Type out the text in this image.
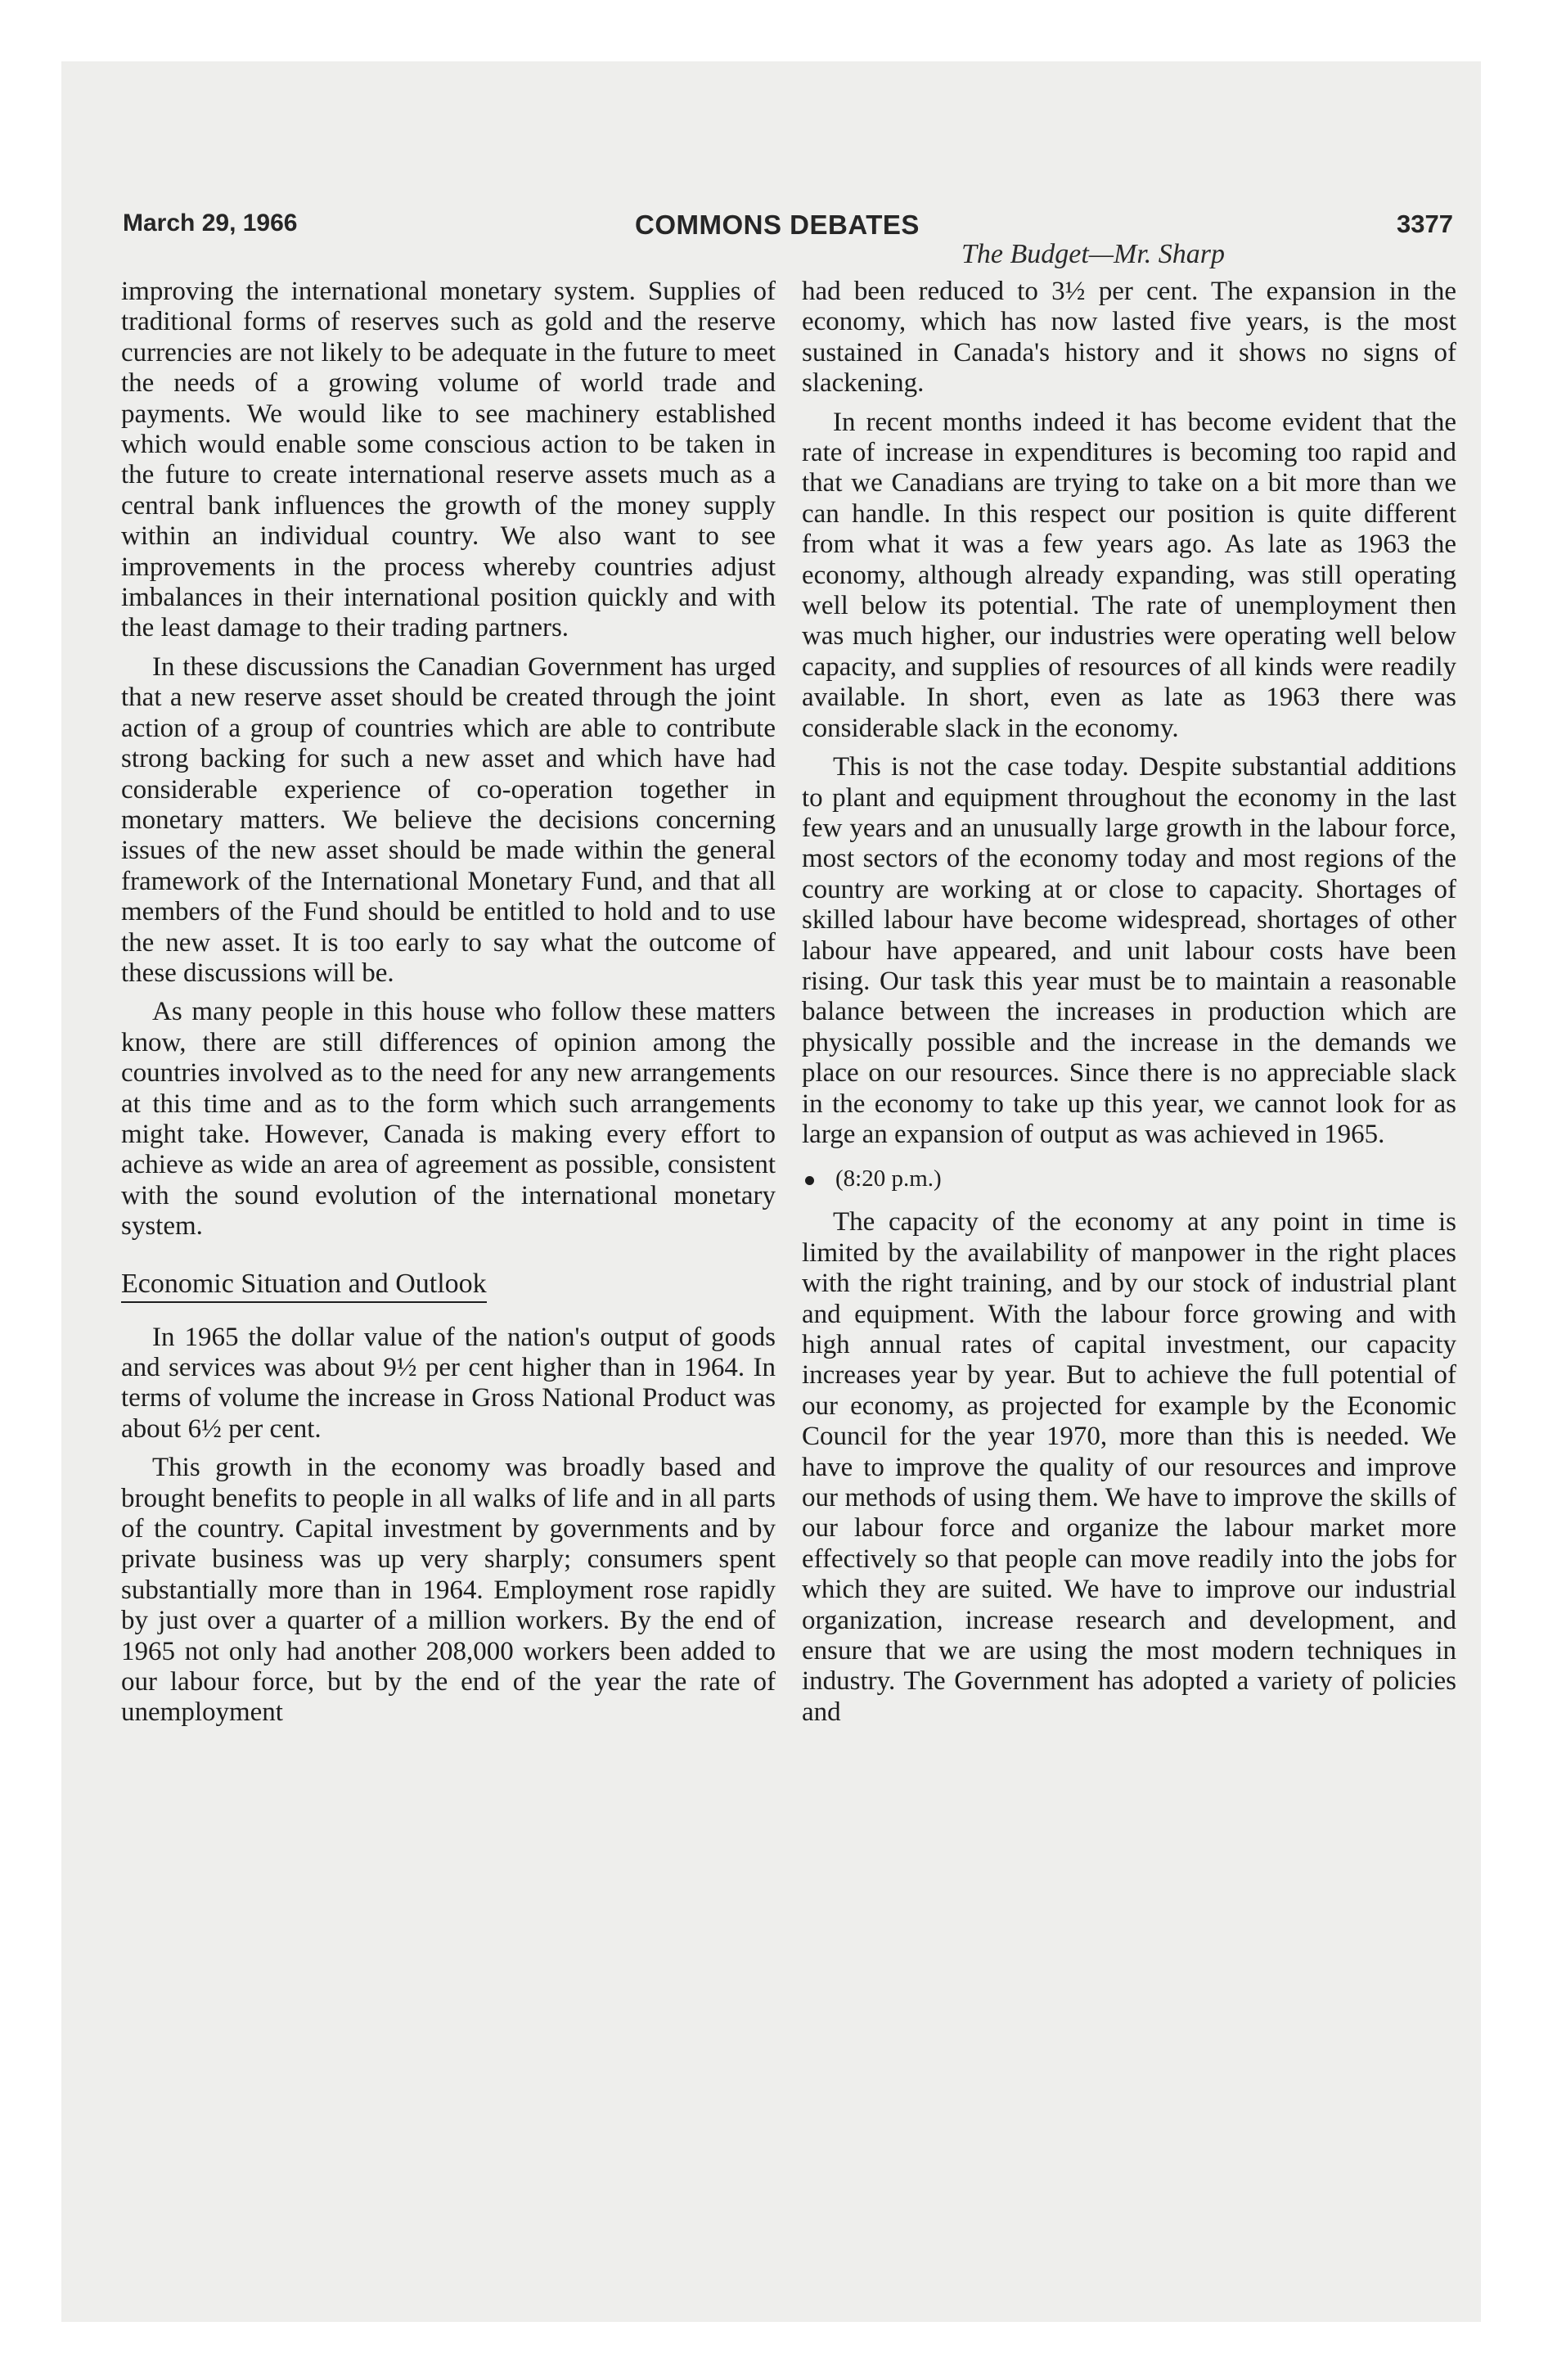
March 29, 1966	COMMONS DEBATES	3377
The Budget—Mr. Sharp

improving the international monetary system. Supplies of traditional forms of reserves such as gold and the reserve currencies are not likely to be adequate in the future to meet the needs of a growing volume of world trade and payments. We would like to see machinery established which would enable some conscious action to be taken in the future to create international reserve assets much as a central bank influences the growth of the money supply within an individual country. We also want to see improvements in the process whereby countries adjust imbalances in their international position quickly and with the least damage to their trading partners.

In these discussions the Canadian Government has urged that a new reserve asset should be created through the joint action of a group of countries which are able to contribute strong backing for such a new asset and which have had considerable experience of co-operation together in monetary matters. We believe the decisions concerning issues of the new asset should be made within the general framework of the International Monetary Fund, and that all members of the Fund should be entitled to hold and to use the new asset. It is too early to say what the outcome of these discussions will be.

As many people in this house who follow these matters know, there are still differences of opinion among the countries involved as to the need for any new arrangements at this time and as to the form which such arrangements might take. However, Canada is making every effort to achieve as wide an area of agreement as possible, consistent with the sound evolution of the international monetary system.

Economic Situation and Outlook

In 1965 the dollar value of the nation's output of goods and services was about 9½ per cent higher than in 1964. In terms of volume the increase in Gross National Product was about 6½ per cent.

This growth in the economy was broadly based and brought benefits to people in all walks of life and in all parts of the country. Capital investment by governments and by private business was up very sharply; consumers spent substantially more than in 1964. Employment rose rapidly by just over a quarter of a million workers. By the end of 1965 not only had another 208,000 workers been added to our labour force, but by the end of the year the rate of unemployment

had been reduced to 3½ per cent. The expansion in the economy, which has now lasted five years, is the most sustained in Canada's history and it shows no signs of slackening.

In recent months indeed it has become evident that the rate of increase in expenditures is becoming too rapid and that we Canadians are trying to take on a bit more than we can handle. In this respect our position is quite different from what it was a few years ago. As late as 1963 the economy, although already expanding, was still operating well below its potential. The rate of unemployment then was much higher, our industries were operating well below capacity, and supplies of resources of all kinds were readily available. In short, even as late as 1963 there was considerable slack in the economy.

This is not the case today. Despite substantial additions to plant and equipment throughout the economy in the last few years and an unusually large growth in the labour force, most sectors of the economy today and most regions of the country are working at or close to capacity. Shortages of skilled labour have become widespread, shortages of other labour have appeared, and unit labour costs have been rising. Our task this year must be to maintain a reasonable balance between the increases in production which are physically possible and the increase in the demands we place on our resources. Since there is no appreciable slack in the economy to take up this year, we cannot look for as large an expansion of output as was achieved in 1965.

(8:20 p.m.)

The capacity of the economy at any point in time is limited by the availability of manpower in the right places with the right training, and by our stock of industrial plant and equipment. With the labour force growing and with high annual rates of capital investment, our capacity increases year by year. But to achieve the full potential of our economy, as projected for example by the Economic Council for the year 1970, more than this is needed. We have to improve the quality of our resources and improve our methods of using them. We have to improve the skills of our labour force and organize the labour market more effectively so that people can move readily into the jobs for which they are suited. We have to improve our industrial organization, increase research and development, and ensure that we are using the most modern techniques in industry. The Government has adopted a variety of policies and
